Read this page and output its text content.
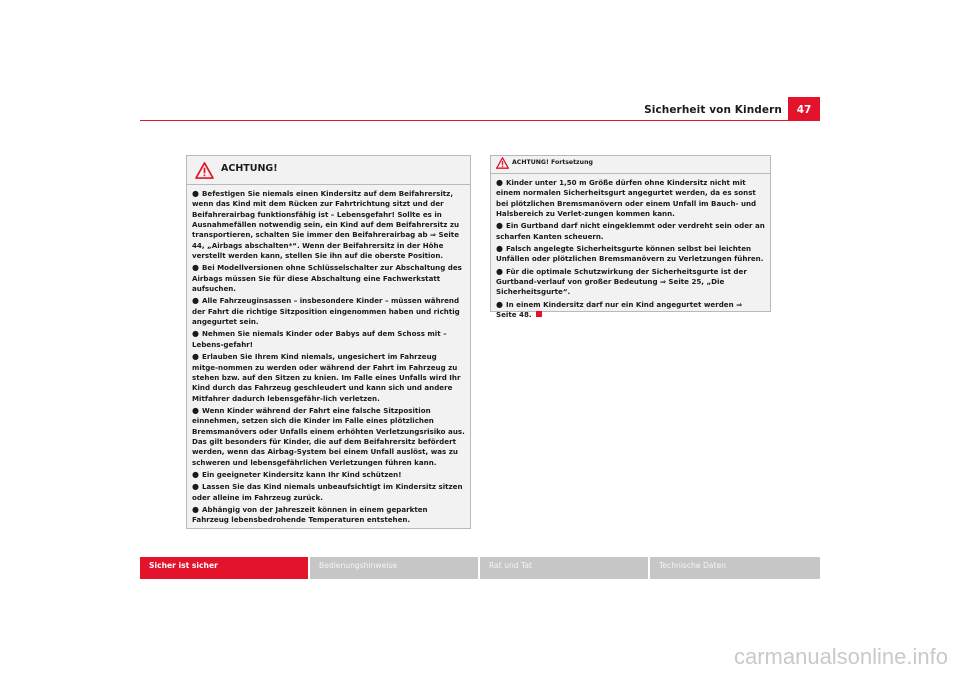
Sicherheit von Kindern	47
ACHTUNG!
● Befestigen Sie niemals einen Kindersitz auf dem Beifahrersitz, wenn das Kind mit dem Rücken zur Fahrtrichtung sitzt und der Beifahrerairbag funktionsfähig ist – Lebensgefahr! Sollte es in Ausnahmefällen notwendig sein, ein Kind auf dem Beifahrersitz zu transportieren, schalten Sie immer den Beifahrerairbag ab ⇒ Seite 44, „Airbags abschalten*“. Wenn der Beifahrersitz in der Höhe verstellt werden kann, stellen Sie ihn auf die oberste Position.
● Bei Modellversionen ohne Schlüsselschalter zur Abschaltung des Airbags müssen Sie für diese Abschaltung eine Fachwerkstatt aufsuchen.
● Alle Fahrzeuginsassen – insbesondere Kinder – müssen während der Fahrt die richtige Sitzposition eingenommen haben und richtig angegurtet sein.
● Nehmen Sie niemals Kinder oder Babys auf dem Schoss mit – Lebens-gefahr!
● Erlauben Sie Ihrem Kind niemals, ungesichert im Fahrzeug mitge-nommen zu werden oder während der Fahrt im Fahrzeug zu stehen bzw. auf den Sitzen zu knien. Im Falle eines Unfalls wird Ihr Kind durch das Fahrzeug geschleudert und kann sich und andere Mitfahrer dadurch lebensgefähr-lich verletzen.
● Wenn Kinder während der Fahrt eine falsche Sitzposition einnehmen, setzen sich die Kinder im Falle eines plötzlichen Bremsmanövers oder Unfalls einem erhöhten Verletzungsrisiko aus. Das gilt besonders für Kinder, die auf dem Beifahrersitz befördert werden, wenn das Airbag-System bei einem Unfall auslöst, was zu schweren und lebensgefährlichen Verletzungen führen kann.
● Ein geeigneter Kindersitz kann Ihr Kind schützen!
● Lassen Sie das Kind niemals unbeaufsichtigt im Kindersitz sitzen oder alleine im Fahrzeug zurück.
● Abhängig von der Jahreszeit können in einem geparkten Fahrzeug lebensbedrohende Temperaturen entstehen.
ACHTUNG! Fortsetzung
● Kinder unter 1,50 m Größe dürfen ohne Kindersitz nicht mit einem normalen Sicherheitsgurt angegurtet werden, da es sonst bei plötzlichen Bremsmanövern oder einem Unfall im Bauch- und Halsbereich zu Verlet-zungen kommen kann.
● Ein Gurtband darf nicht eingeklemmt oder verdreht sein oder an scharfen Kanten scheuern.
● Falsch angelegte Sicherheitsgurte können selbst bei leichten Unfällen oder plötzlichen Bremsmanövern zu Verletzungen führen.
● Für die optimale Schutzwirkung der Sicherheitsgurte ist der Gurtband-verlauf von großer Bedeutung ⇒ Seite 25, „Die Sicherheitsgurte“.
● In einem Kindersitz darf nur ein Kind angegurtet werden ⇒ Seite 48.
Sicher ist sicher	Bedienungshinweise	Rat und Tat	Technische Daten
carmanualsonline.info
